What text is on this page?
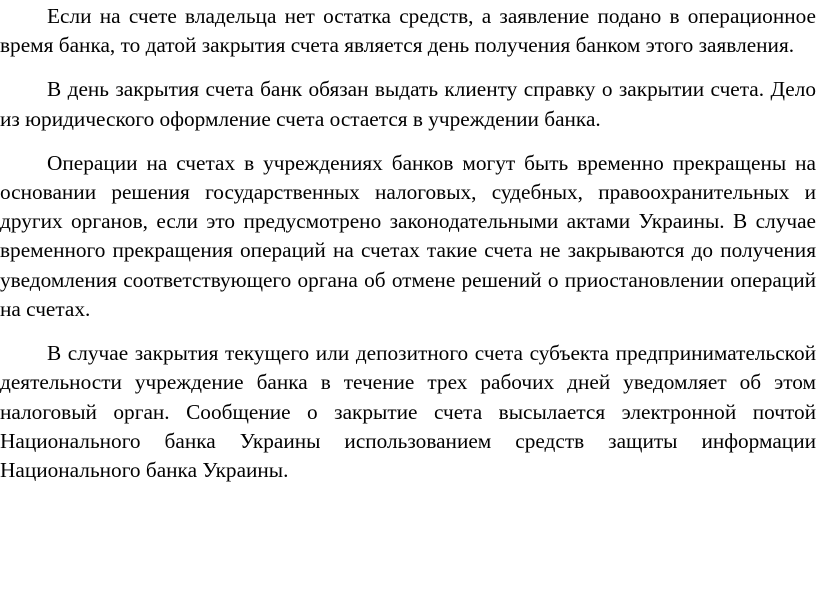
Если на счете владельца нет остатка средств, а заявление подано в операционное время банка, то датой закрытия счета является день получения банком этого заявления.

В день закрытия счета банк обязан выдать клиенту справку о закрытии счета. Дело из юридического оформление счета остается в учреждении банка.

Операции на счетах в учреждениях банков могут быть временно прекращены на основании решения государственных налоговых, судебных, правоохранительных и других органов, если это предусмотрено законодательными актами Украины. В случае временного прекращения операций на счетах такие счета не закрываются до получения уведомления соответствующего органа об отмене решений о приостановлении операций на счетах.

В случае закрытия текущего или депозитного счета субъекта предпринимательской деятельности учреждение банка в течение трех рабочих дней уведомляет об этом налоговый орган. Сообщение о закрытие счета высылается электронной почтой Национального банка Украины использованием средств защиты информации Национального банка Украины.
